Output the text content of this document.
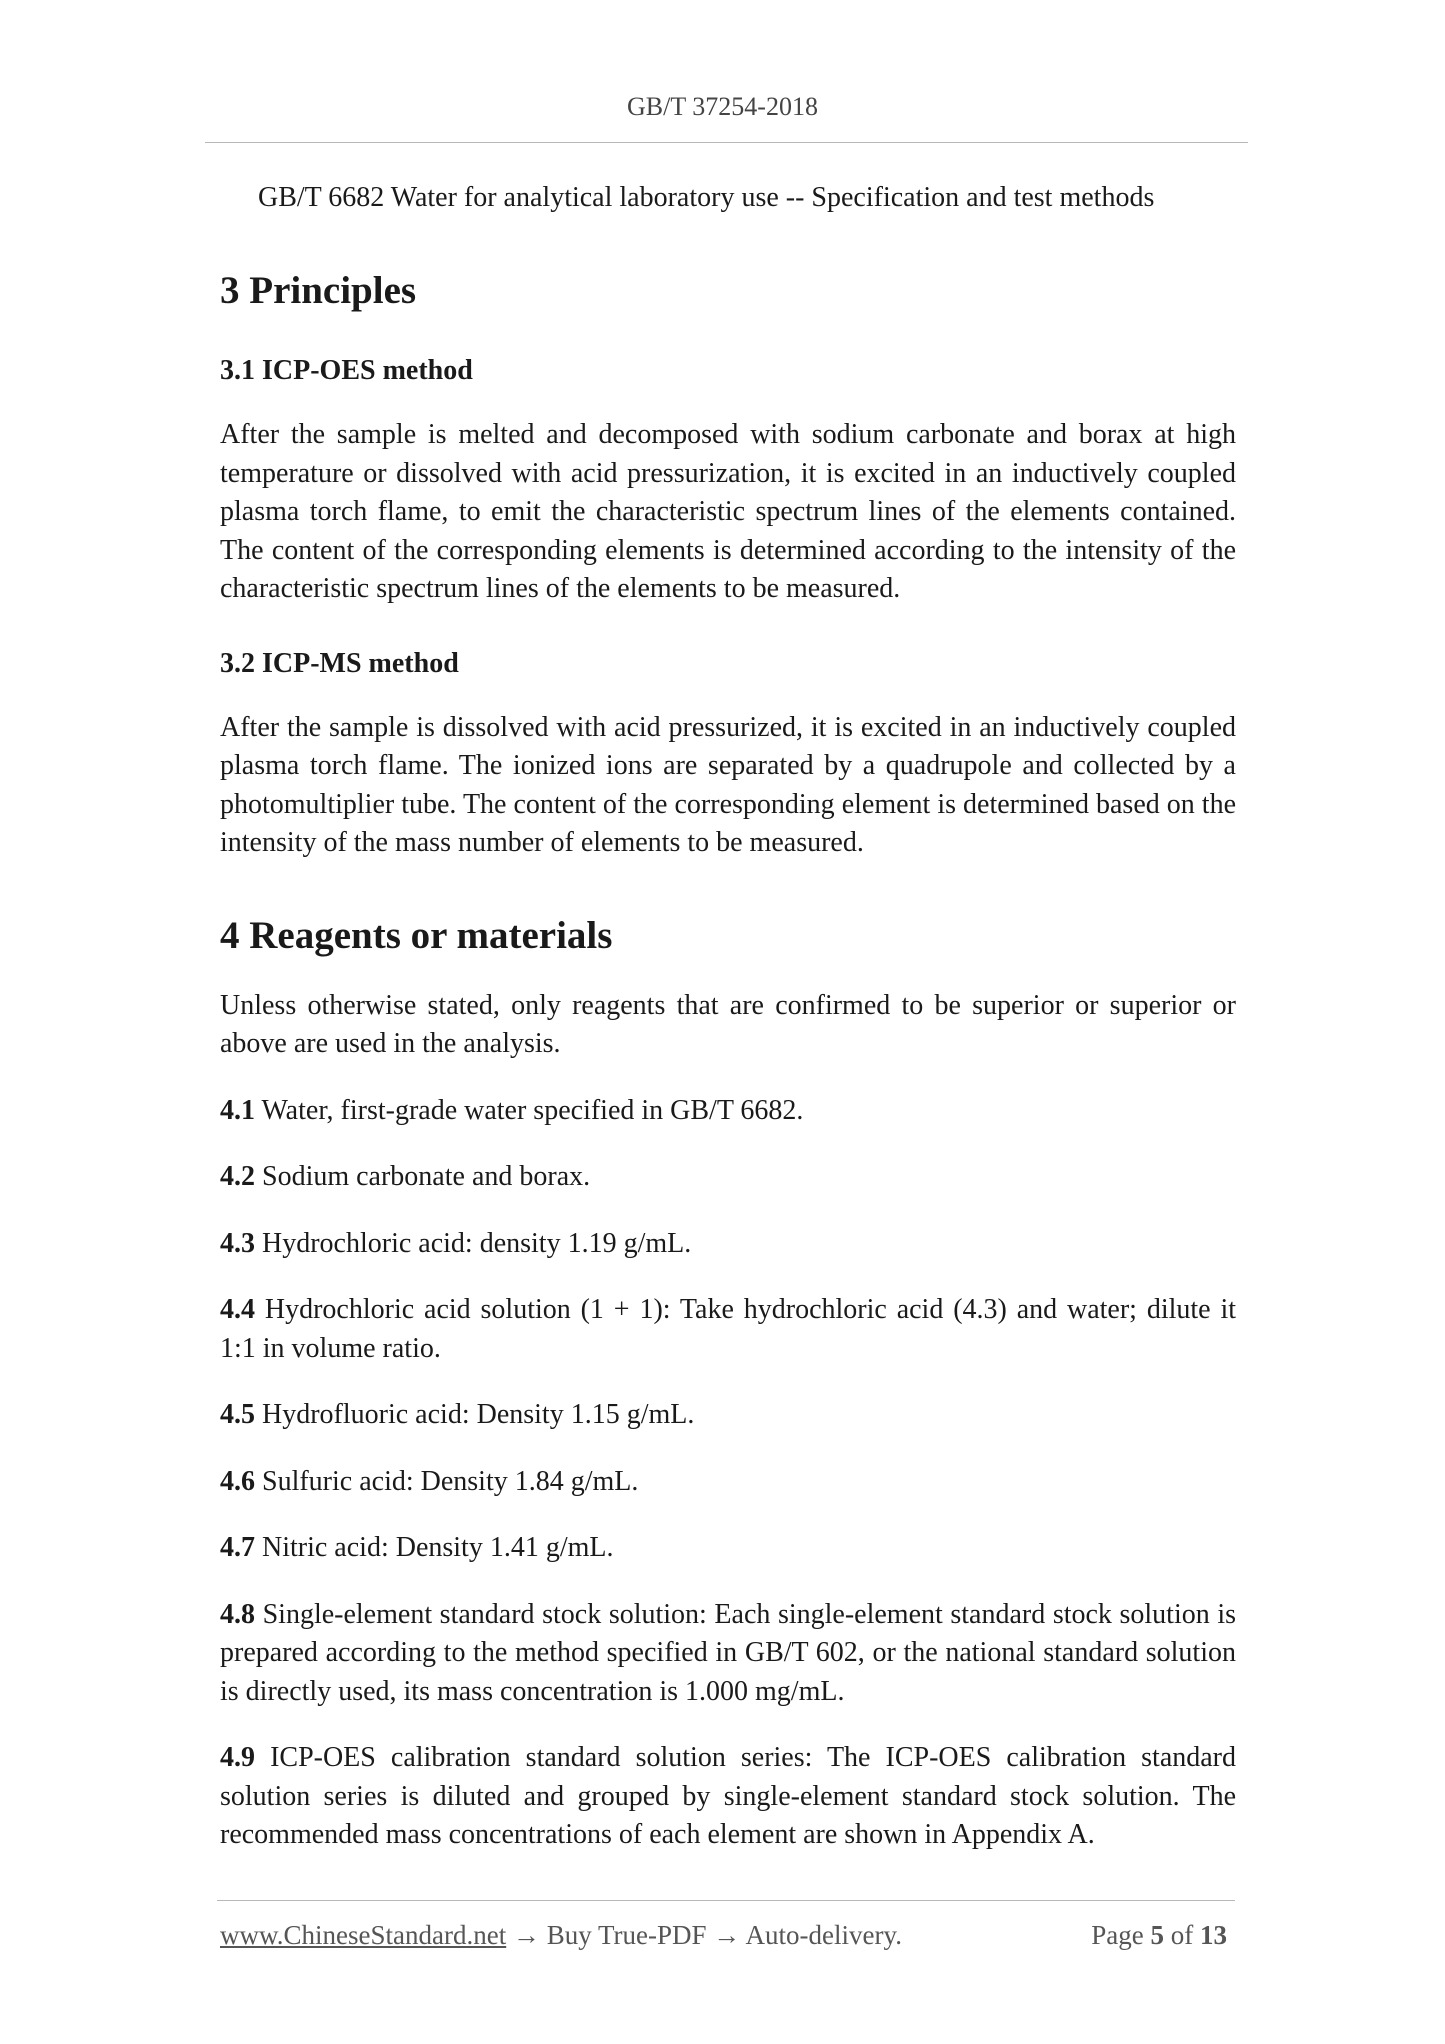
GB/T 37254-2018
GB/T 6682 Water for analytical laboratory use -- Specification and test methods
3 Principles
3.1 ICP-OES method

After the sample is melted and decomposed with sodium carbonate and borax at high temperature or dissolved with acid pressurization, it is excited in an inductively coupled plasma torch flame, to emit the characteristic spectrum lines of the elements contained. The content of the corresponding elements is determined according to the intensity of the characteristic spectrum lines of the elements to be measured.

3.2 ICP-MS method

After the sample is dissolved with acid pressurized, it is excited in an inductively coupled plasma torch flame. The ionized ions are separated by a quadrupole and collected by a photomultiplier tube. The content of the corresponding element is determined based on the intensity of the mass number of elements to be measured.

4 Reagents or materials

Unless otherwise stated, only reagents that are confirmed to be superior or superior or above are used in the analysis.

4.1 Water, first-grade water specified in GB/T 6682.

4.2 Sodium carbonate and borax.

4.3 Hydrochloric acid: density 1.19 g/mL.

4.4 Hydrochloric acid solution (1 + 1): Take hydrochloric acid (4.3) and water; dilute it 1:1 in volume ratio.

4.5 Hydrofluoric acid: Density 1.15 g/mL.

4.6 Sulfuric acid: Density 1.84 g/mL.

4.7 Nitric acid: Density 1.41 g/mL.

4.8 Single-element standard stock solution: Each single-element standard stock solution is prepared according to the method specified in GB/T 602, or the national standard solution is directly used, its mass concentration is 1.000 mg/mL.

4.9 ICP-OES calibration standard solution series: The ICP-OES calibration standard solution series is diluted and grouped by single-element standard stock solution. The recommended mass concentrations of each element are shown in Appendix A.

www.ChineseStandard.net → Buy True-PDF → Auto-delivery.	Page 5 of 13
